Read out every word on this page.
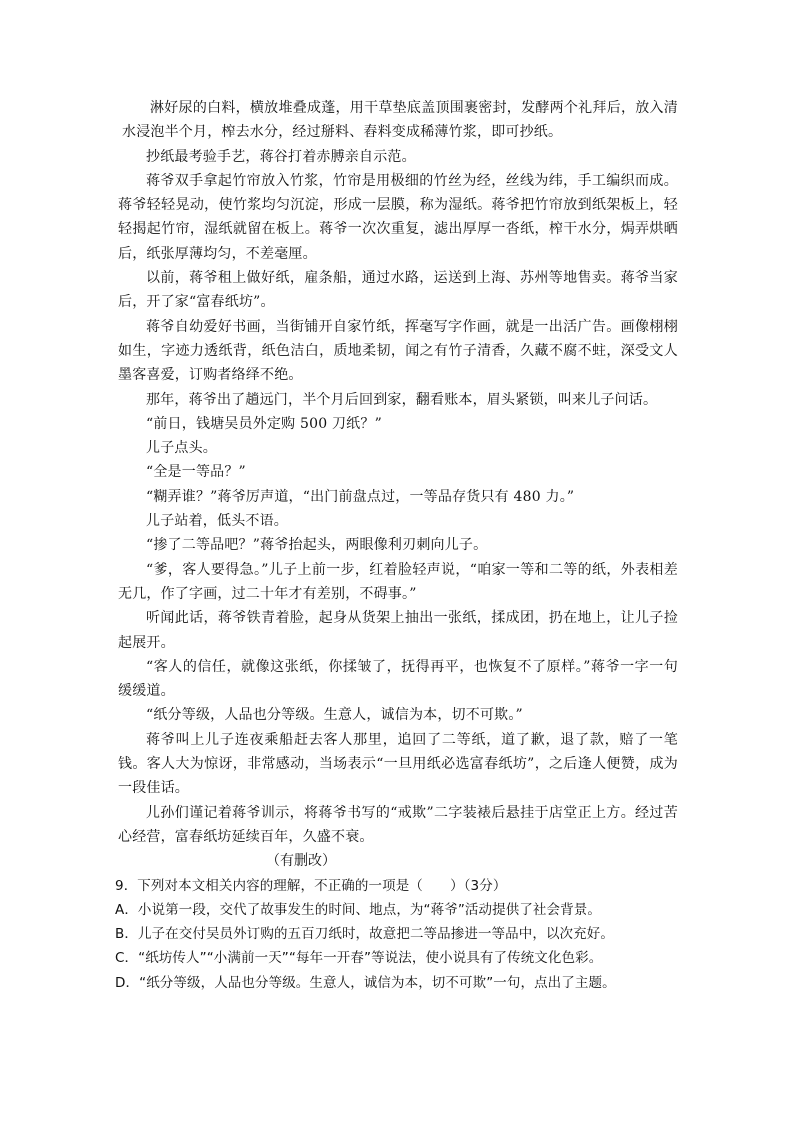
淋好尿的白料，横放堆叠成蓬，用干草垫底盖顶围裹密封，发酵两个礼拜后，放入清水浸泡半个月，榨去水分，经过掰料、舂料变成稀薄竹浆，即可抄纸。

抄纸最考验手艺，蒋谷打着赤膊亲自示范。

蒋爷双手拿起竹帘放入竹浆，竹帘是用极细的竹丝为经，丝线为纬，手工编织而成。蒋爷轻轻晃动，使竹浆均匀沉淀，形成一层膜，称为湿纸。蒋爷把竹帘放到纸架板上，轻轻揭起竹帘，湿纸就留在板上。蒋爷一次次重复，滤出厚厚一沓纸，榨干水分，焗弄烘晒后，纸张厚薄均匀，不差毫厘。

以前，蒋爷租上做好纸，雇条船，通过水路，运送到上海、苏州等地售卖。蒋爷当家后，开了家“富春纸坊”。

蒋爷自幼爱好书画，当街铺开自家竹纸，挥毫写字作画，就是一出活广告。画像栩栩如生，字迹力透纸背，纸色洁白，质地柔韧，闻之有竹子清香，久藏不腐不蛀，深受文人墨客喜爱，订购者络绎不绝。

那年，蒋爷出了趟远门，半个月后回到家，翻看账本，眉头紧锁，叫来儿子问话。

“前日，钱塘吴员外定购 500 刀纸？”

儿子点头。

“全是一等品？”

“糊弄谁？”蒋爷厉声道，“出门前盘点过，一等品存货只有 480 力。”

儿子站着，低头不语。

“掺了二等品吧？”蒋爷抬起头，两眼像利刃刺向儿子。

“爹，客人要得急。”儿子上前一步，红着脸轻声说，“咱家一等和二等的纸，外表相差无几，作了字画，过二十年才有差别，不碍事。”

听闻此话，蒋爷铁青着脸，起身从货架上抽出一张纸，揉成团，扔在地上，让儿子捡起展开。

“客人的信任，就像这张纸，你揉皱了，抚得再平，也恢复不了原样。”蒋爷一字一句缓缓道。

“纸分等级，人品也分等级。生意人，诚信为本，切不可欺。”

蒋爷叫上儿子连夜乘船赶去客人那里，追回了二等纸，道了歉，退了款，赔了一笔钱。客人大为惊讶，非常感动，当场表示“一旦用纸必选富春纸坊”，之后逢人便赞，成为一段佳话。

儿孙们谨记着蒋爷训示，将蒋爷书写的“戒欺”二字装裱后悬挂于店堂正上方。经过苦心经营，富春纸坊延续百年，久盛不衰。

（有删改）

9．下列对本文相关内容的理解，不正确的一项是（　　）（3分）

A．小说第一段，交代了故事发生的时间、地点，为“蒋爷”活动提供了社会背景。

B．儿子在交付吴员外订购的五百刀纸时，故意把二等品掺进一等品中，以次充好。

C．“纸坊传人”“小满前一天”“每年一开春”等说法，使小说具有了传统文化色彩。

D．“纸分等级，人品也分等级。生意人，诚信为本，切不可欺”一句，点出了主题。
